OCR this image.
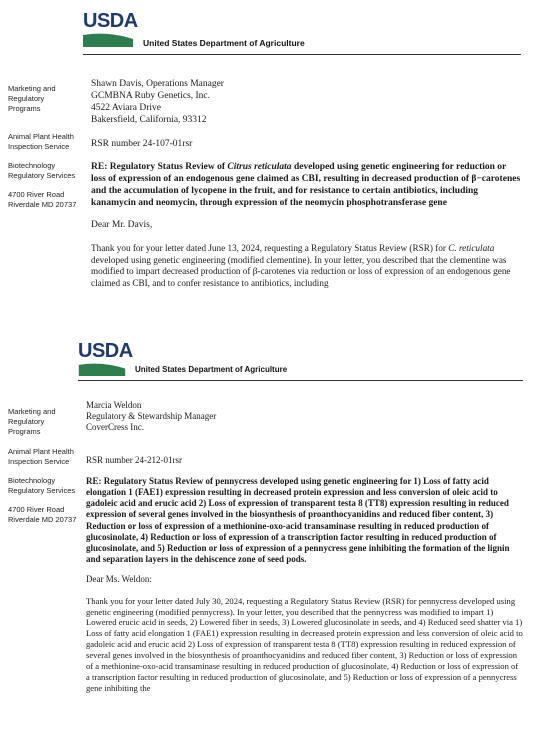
USDA
United States Department of Agriculture
Marketing and Regulatory Programs
Animal Plant Health Inspection Service
Biotechnology Regulatory Services
4700 River Road Riverdale MD 20737
Shawn Davis, Operations Manager
GCMBNA Ruby Genetics, Inc.
4522 Aviara Drive
Bakersfield, California, 93312
RSR number 24-107-01rsr

RE: Regulatory Status Review of Citrus reticulata developed using genetic engineering for reduction or loss of expression of an endogenous gene claimed as CBI, resulting in decreased production of β−carotenes and the accumulation of lycopene in the fruit, and for resistance to certain antibiotics, including kanamycin and neomycin, through expression of the neomycin phosphotransferase gene

Dear Mr. Davis,

Thank you for your letter dated June 13, 2024, requesting a Regulatory Status Review (RSR) for C. reticulata developed using genetic engineering (modified clementine). In your letter, you described that the clementine was modified to impart decreased production of β-carotenes via reduction or loss of expression of an endogenous gene claimed as CBI, and to confer resistance to antibiotics, including

USDA
United States Department of Agriculture
Marketing and Regulatory Programs
Animal Plant Health Inspection Service
Biotechnology Regulatory Services
4700 River Road Riverdale MD 20737
Marcia Weldon
Regulatory & Stewardship Manager
CoverCress Inc.
RSR number 24-212-01rsr

RE: Regulatory Status Review of pennycress developed using genetic engineering for 1) Loss of fatty acid elongation 1 (FAE1) expression resulting in decreased protein expression and less conversion of oleic acid to gadoleic acid and erucic acid 2) Loss of expression of transparent testa 8 (TT8) expression resulting in reduced expression of several genes involved in the biosynthesis of proanthocyanidins and reduced fiber content, 3) Reduction or loss of expression of a methionine-oxo-acid transaminase resulting in reduced production of glucosinolate, 4) Reduction or loss of expression of a transcription factor resulting in reduced production of glucosinolate, and 5) Reduction or loss of expression of a pennycress gene inhibiting the formation of the lignin and separation layers in the dehiscence zone of seed pods.

Dear Ms. Weldon:

Thank you for your letter dated July 30, 2024, requesting a Regulatory Status Review (RSR) for pennycress developed using genetic engineering (modified pennycress). In your letter, you described that the pennycress was modified to impart 1) Lowered erucic acid in seeds, 2) Lowered fiber in seeds, 3) Lowered glucosinolate in seeds, and 4) Reduced seed shatter via 1) Loss of fatty acid elongation 1 (FAE1) expression resulting in decreased protein expression and less conversion of oleic acid to gadoleic acid and erucic acid 2) Loss of expression of transparent testa 8 (TT8) expression resulting in reduced expression of several genes involved in the biosynthesis of proanthocyanidins and reduced fiber content, 3) Reduction or loss of expression of a methionine-oxo-acid transaminase resulting in reduced production of glucosinolate, 4) Reduction or loss of expression of a transcription factor resulting in reduced production of glucosinolate, and 5) Reduction or loss of expression of a pennycress gene inhibiting the
